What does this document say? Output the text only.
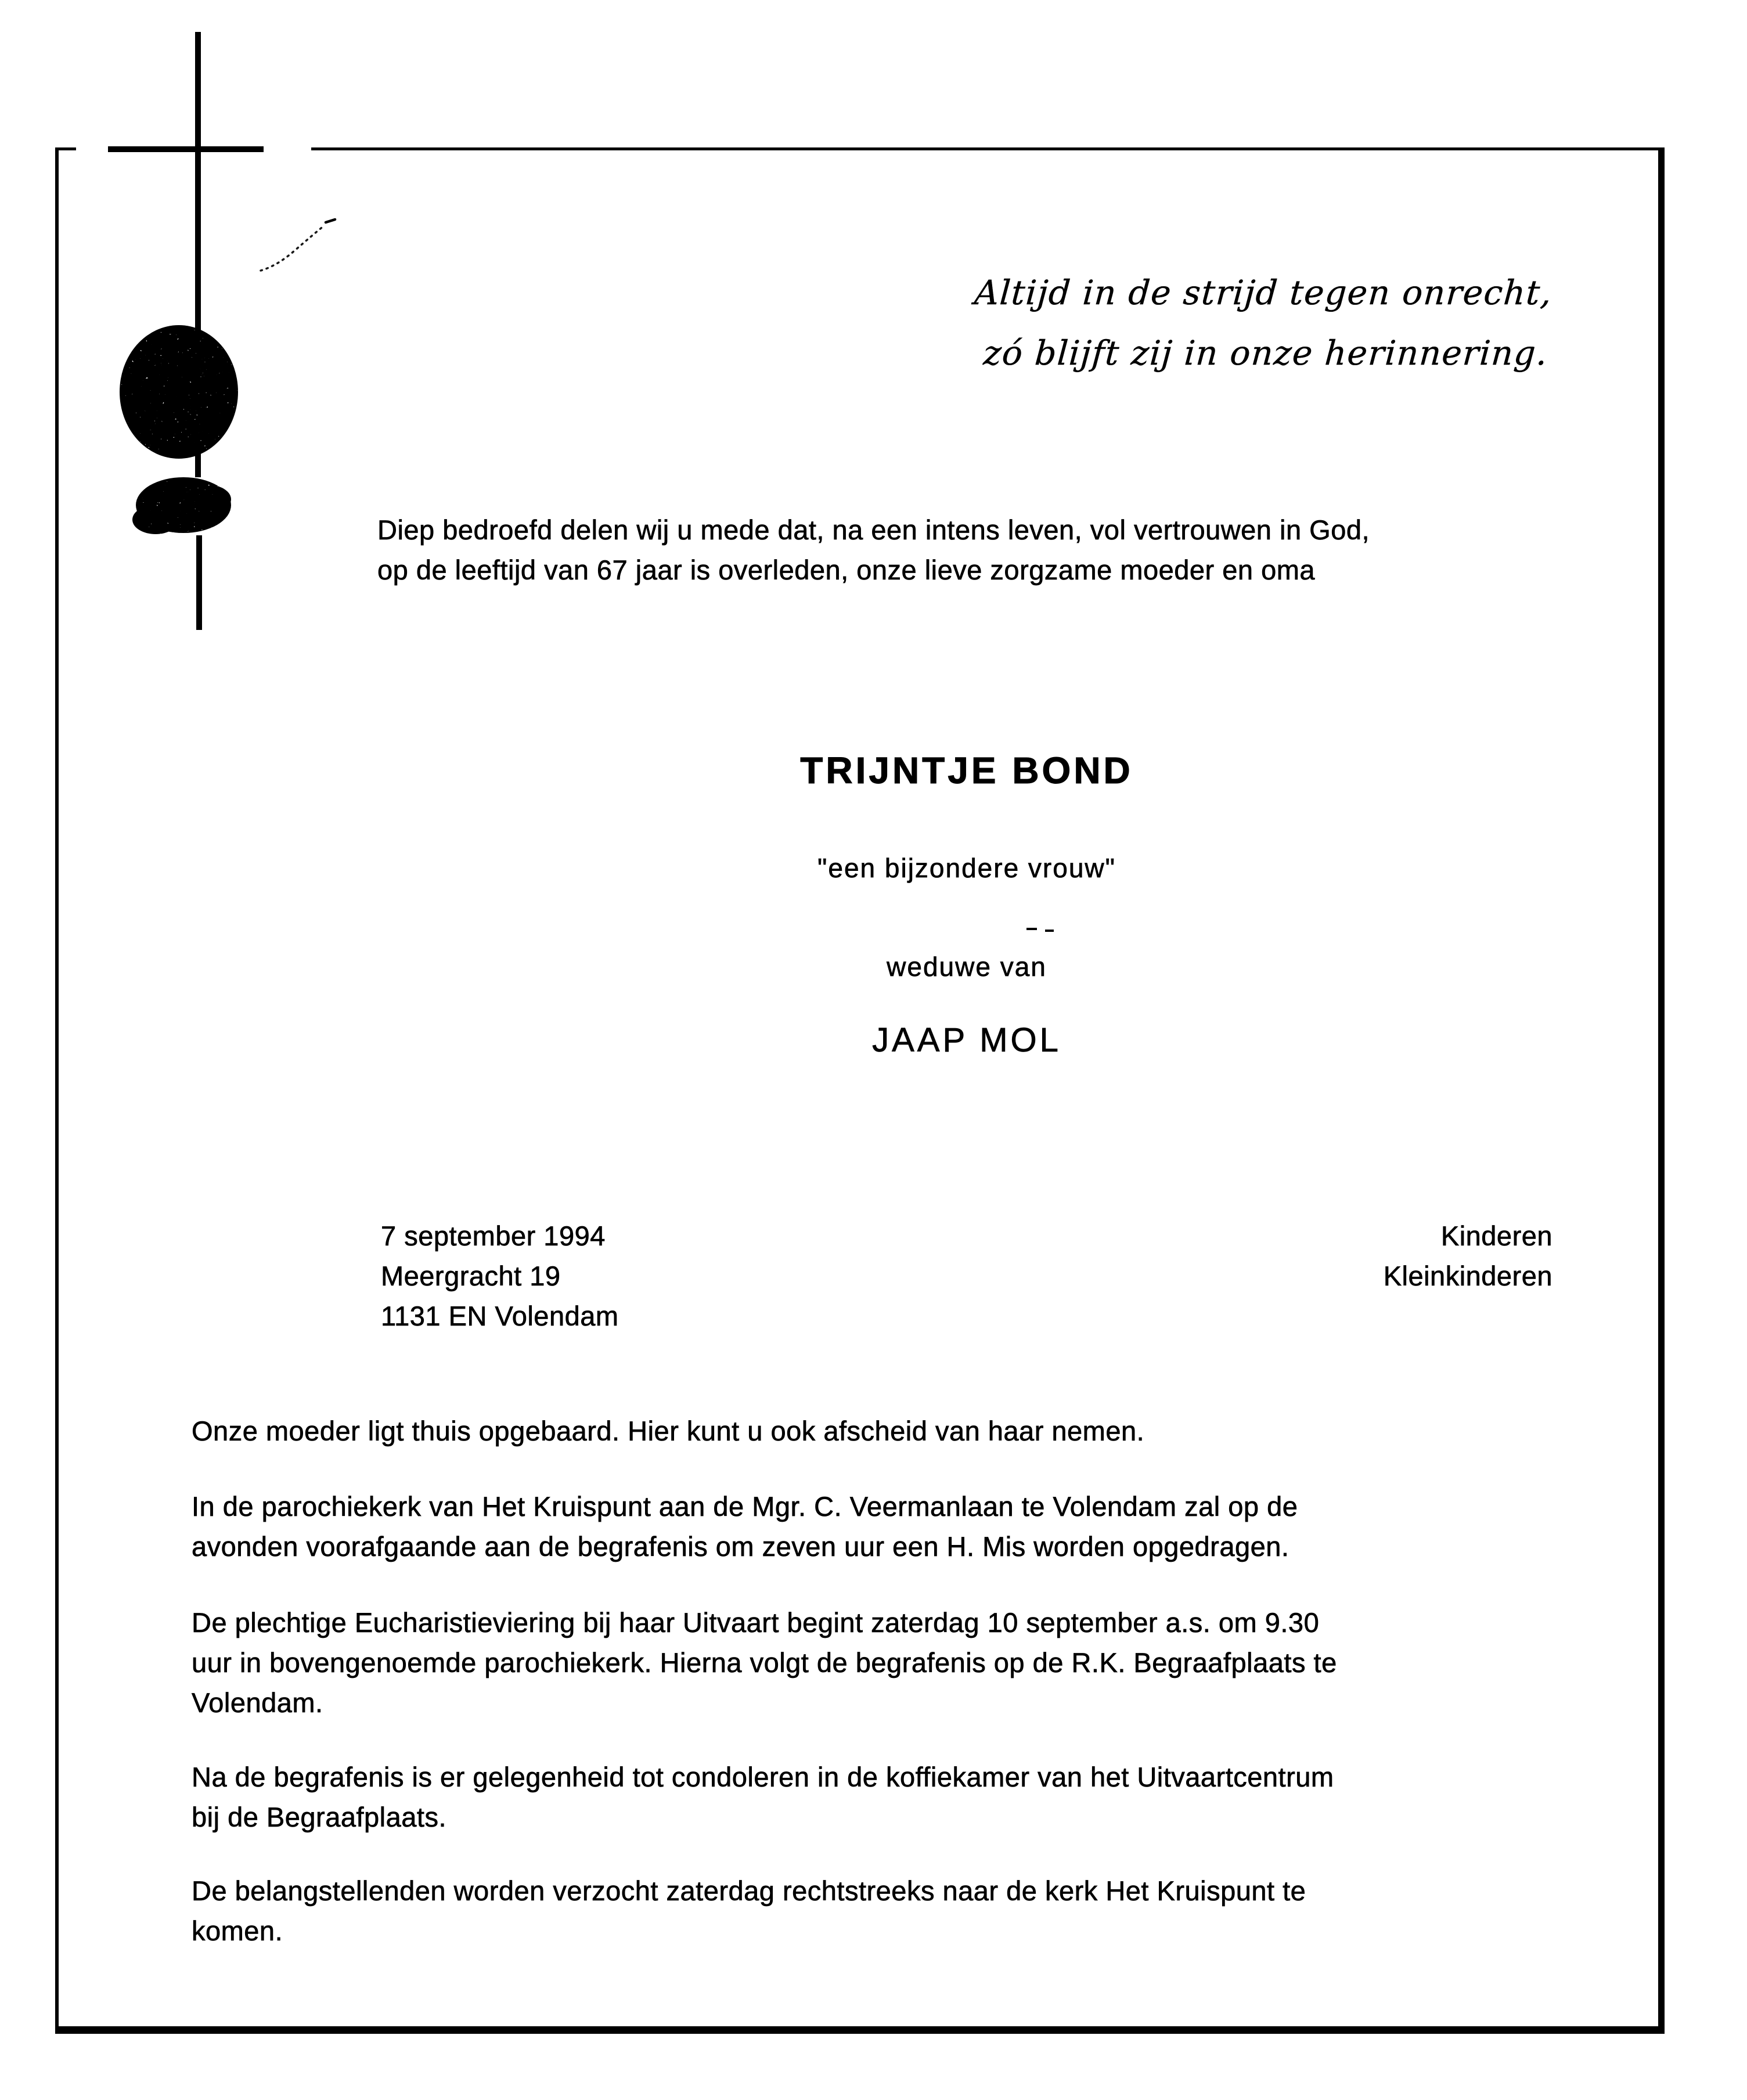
Altijd in de strijd tegen onrecht,
zó blijft zij in onze herinnering.
Diep bedroefd delen wij u mede dat, na een intens leven, vol vertrouwen in God,
op de leeftijd van 67 jaar is overleden, onze lieve zorgzame moeder en oma
TRIJNTJE BOND
"een bijzondere vrouw"
weduwe van
JAAP MOL
7 september 1994
Meergracht 19
1131 EN Volendam
Kinderen
Kleinkinderen
Onze moeder ligt thuis opgebaard. Hier kunt u ook afscheid van haar nemen.
In de parochiekerk van Het Kruispunt aan de Mgr. C. Veermanlaan te Volendam zal op de
avonden voorafgaande aan de begrafenis om zeven uur een H. Mis worden opgedragen.
De plechtige Eucharistieviering bij haar Uitvaart begint zaterdag 10 september a.s. om 9.30
uur in bovengenoemde parochiekerk. Hierna volgt de begrafenis op de R.K. Begraafplaats te
Volendam.
Na de begrafenis is er gelegenheid tot condoleren in de koffiekamer van het Uitvaartcentrum
bij de Begraafplaats.
De belangstellenden worden verzocht zaterdag rechtstreeks naar de kerk Het Kruispunt te
komen.
